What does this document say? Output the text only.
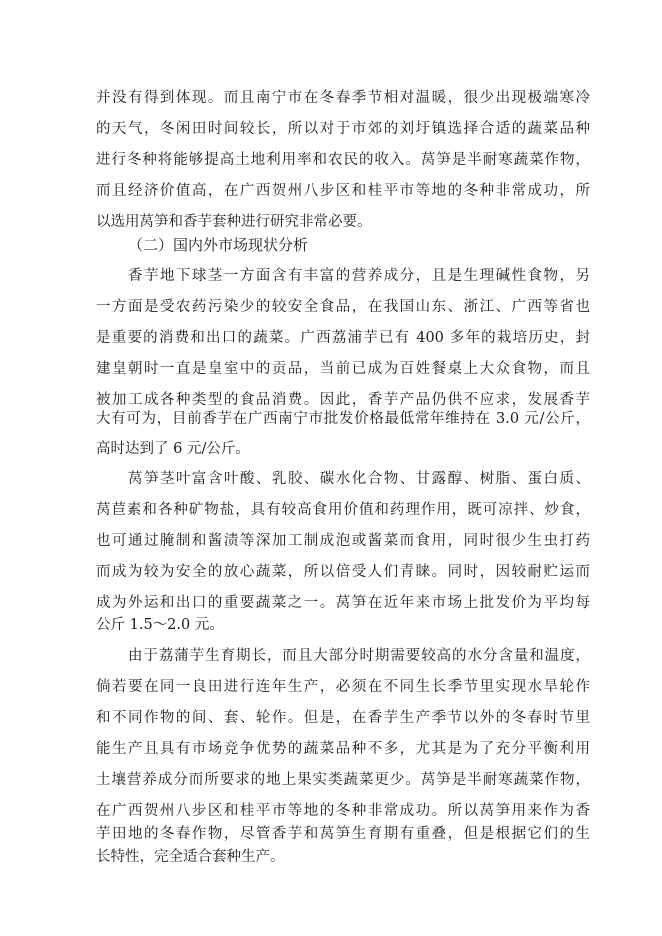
并没有得到体现。而且南宁市在冬春季节相对温暖，很少出现极端寒冷
的天气，冬闲田时间较长，所以对于市郊的刘圩镇选择合适的蔬菜品种
进行冬种将能够提高土地利用率和农民的收入。莴笋是半耐寒蔬菜作物，
而且经济价值高，在广西贺州八步区和桂平市等地的冬种非常成功，所
以选用莴笋和香芋套种进行研究非常必要。
（二）国内外市场现状分析
香芋地下球茎一方面含有丰富的营养成分，且是生理碱性食物，另
一方面是受农药污染少的较安全食品，在我国山东、浙江、广西等省也
是重要的消费和出口的蔬菜。广西荔浦芋已有 400 多年的栽培历史，封
建皇朝时一直是皇室中的贡品，当前已成为百姓餐桌上大众食物，而且
被加工成各种类型的食品消费。因此，香芋产品仍供不应求，发展香芋
大有可为，目前香芋在广西南宁市批发价格最低常年维持在 3.0 元/公斤，
高时达到了 6 元/公斤。
莴笋茎叶富含叶酸、乳胶、碳水化合物、甘露醇、树脂、蛋白质、
莴苣素和各种矿物盐，具有较高食用价值和药理作用，既可凉拌、炒食，
也可通过腌制和酱渍等深加工制成泡或酱菜而食用，同时很少生虫打药
而成为较为安全的放心蔬菜，所以倍受人们青睐。同时，因较耐贮运而
成为外运和出口的重要蔬菜之一。莴笋在近年来市场上批发价为平均每
公斤 1.5～2.0 元。
由于荔蒲芋生育期长，而且大部分时期需要较高的水分含量和温度，
倘若要在同一良田进行连年生产，必须在不同生长季节里实现水旱轮作
和不同作物的间、套、轮作。但是，在香芋生产季节以外的冬春时节里
能生产且具有市场竞争优势的蔬菜品种不多，尤其是为了充分平衡利用
土壤营养成分而所要求的地上果实类蔬菜更少。莴笋是半耐寒蔬菜作物，
在广西贺州八步区和桂平市等地的冬种非常成功。所以莴笋用来作为香
芋田地的冬春作物，尽管香芋和莴笋生育期有重叠，但是根据它们的生
长特性，完全适合套种生产。
